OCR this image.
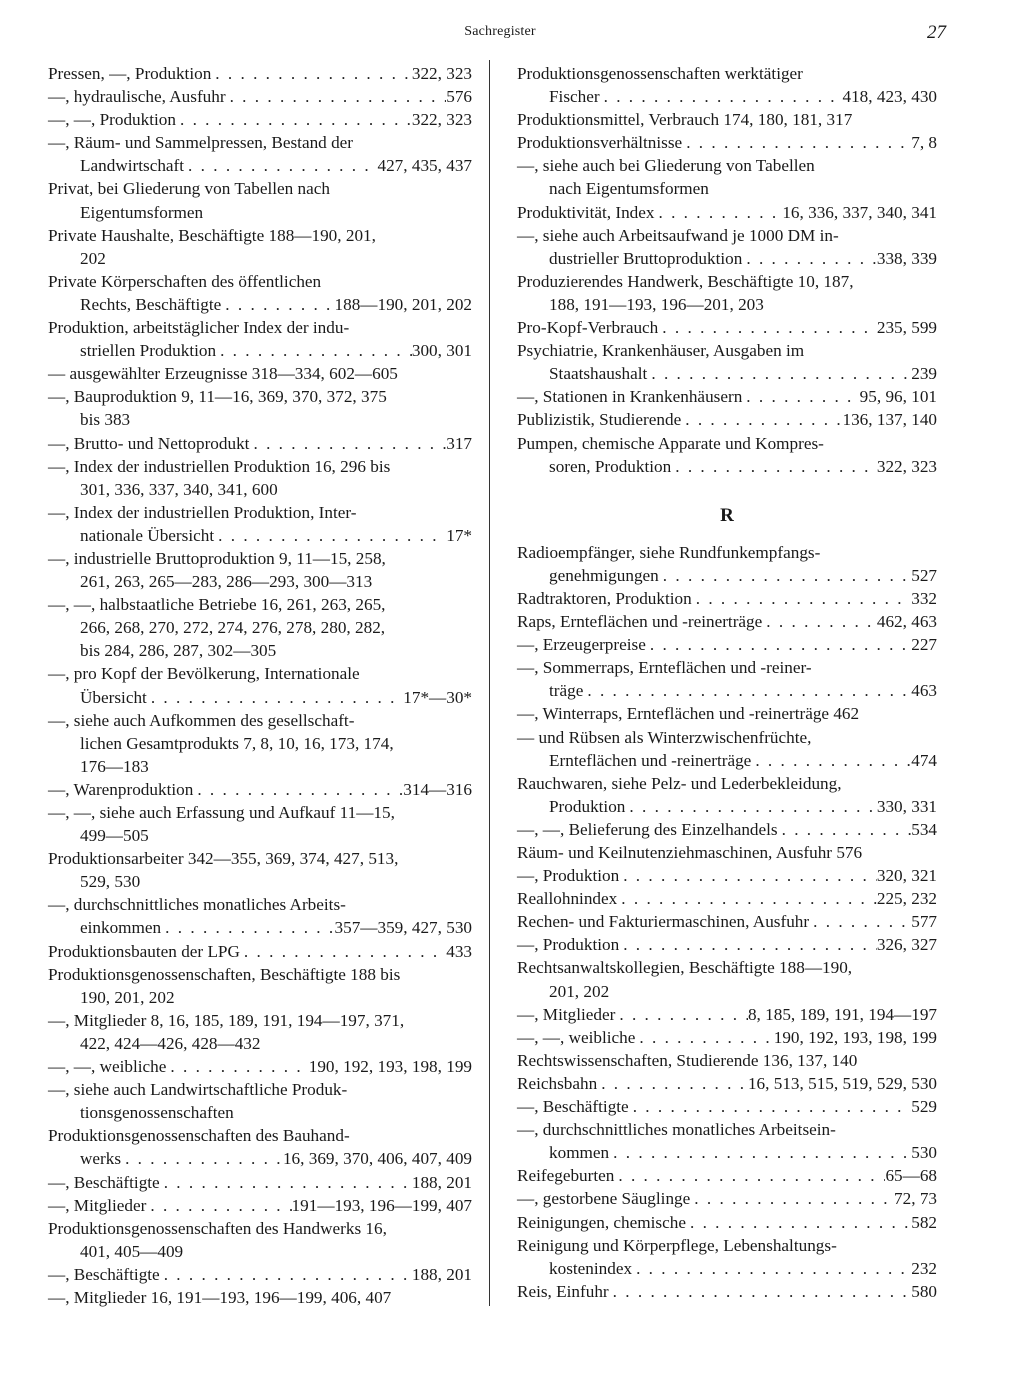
Sachregister	27
Pressen, —, Produktion . . .	322, 323
—, hydraulische, Ausfuhr . . .	576
—, —, Produktion . . .	322, 323
—, Räum- und Sammelpressen, Bestand der
Landwirtschaft . . .	427, 435, 437
Privat, bei Gliederung von Tabellen nach
Eigentumsformen
Private Haushalte, Beschäftigte 188—190, 201,
202
Private Körperschaften des öffentlichen
Rechts, Beschäftigte . . .	188—190, 201, 202
Produktion, arbeitstäglicher Index der indu-
striellen Produktion . . .	300, 301
— ausgewählter Erzeugnisse 318—334, 602—605
—, Bauproduktion 9, 11—16, 369, 370, 372, 375
bis 383
—, Brutto- und Nettoprodukt . . .	317
—, Index der industriellen Produktion 16, 296 bis
301, 336, 337, 340, 341, 600
—, Index der industriellen Produktion, Inter-
nationale Übersicht . . .	17*
—, industrielle Bruttoproduktion 9, 11—15, 258,
261, 263, 265—283, 286—293, 300—313
—, —, halbstaatliche Betriebe 16, 261, 263, 265,
266, 268, 270, 272, 274, 276, 278, 280, 282,
bis 284, 286, 287, 302—305
—, pro Kopf der Bevölkerung, Internationale
Übersicht . . .	17*—30*
—, siehe auch Aufkommen des gesellschaft-
lichen Gesamtprodukts 7, 8, 10, 16, 173, 174,
176—183
—, Warenproduktion . . .	314—316
—, —, siehe auch Erfassung und Aufkauf 11—15,
499—505
Produktionsarbeiter 342—355, 369, 374, 427, 513,
529, 530
—, durchschnittliches monatliches Arbeits-
einkommen . . .	357—359, 427, 530
Produktionsbauten der LPG . . .	433
Produktionsgenossenschaften, Beschäftigte 188 bis
190, 201, 202
—, Mitglieder 8, 16, 185, 189, 191, 194—197, 371,
422, 424—426, 428—432
—, —, weibliche . . .	190, 192, 193, 198, 199
—, siehe auch Landwirtschaftliche Produk-
tionsgenossenschaften
Produktionsgenossenschaften des Bauhand-
werks . . .	16, 369, 370, 406, 407, 409
—, Beschäftigte . . .	188, 201
—, Mitglieder . . .	191—193, 196—199, 407
Produktionsgenossenschaften des Handwerks 16,
401, 405—409
—, Beschäftigte . . .	188, 201
—, Mitglieder 16, 191—193, 196—199, 406, 407
Produktionsgenossenschaften werktätiger
Fischer . . .	418, 423, 430
Produktionsmittel, Verbrauch 174, 180, 181, 317
Produktionsverhältnisse . . .	7, 8
—, siehe auch bei Gliederung von Tabellen
nach Eigentumsformen
Produktivität, Index . . .	16, 336, 337, 340, 341
—, siehe auch Arbeitsaufwand je 1000 DM in-
dustrieller Bruttoproduktion . . .	338, 339
Produzierendes Handwerk, Beschäftigte 10, 187,
188, 191—193, 196—201, 203
Pro-Kopf-Verbrauch . . .	235, 599
Psychiatrie, Krankenhäuser, Ausgaben im
Staatshaushalt . . .	239
—, Stationen in Krankenhäusern . . .	95, 96, 101
Publizistik, Studierende . . .	136, 137, 140
Pumpen, chemische Apparate und Kompres-
soren, Produktion . . .	322, 323
R
Radioempfänger, siehe Rundfunkempfangs-
genehmigungen . . .	527
Radtraktoren, Produktion . . .	332
Raps, Ernteflächen und -reinerträge . . .	462, 463
—, Erzeugerpreise . . .	227
—, Sommerraps, Ernteflächen und -reiner-
träge . . .	463
—, Winterraps, Ernteflächen und -reinerträge 462
— und Rübsen als Winterzwischenfrüchte,
Ernteflächen und -reinerträge . . .	474
Rauchwaren, siehe Pelz- und Lederbekleidung,
Produktion . . .	330, 331
—, —, Belieferung des Einzelhandels . . .	534
Räum- und Keilnutenziehmaschinen, Ausfuhr 576
—, Produktion . . .	320, 321
Reallohnindex . . .	225, 232
Rechen- und Fakturiermaschinen, Ausfuhr . . .	577
—, Produktion . . .	326, 327
Rechtsanwaltskollegien, Beschäftigte 188—190,
201, 202
—, Mitglieder . . .	8, 185, 189, 191, 194—197
—, —, weibliche . . .	190, 192, 193, 198, 199
Rechtswissenschaften, Studierende 136, 137, 140
Reichsbahn . . .	16, 513, 515, 519, 529, 530
—, Beschäftigte . . .	529
—, durchschnittliches monatliches Arbeitsein-
kommen . . .	530
Reifegeburten . . .	65—68
—, gestorbene Säuglinge . . .	72, 73
Reinigungen, chemische . . .	582
Reinigung und Körperpflege, Lebenshaltungs-
kostenindex . . .	232
Reis, Einfuhr . . .	580
